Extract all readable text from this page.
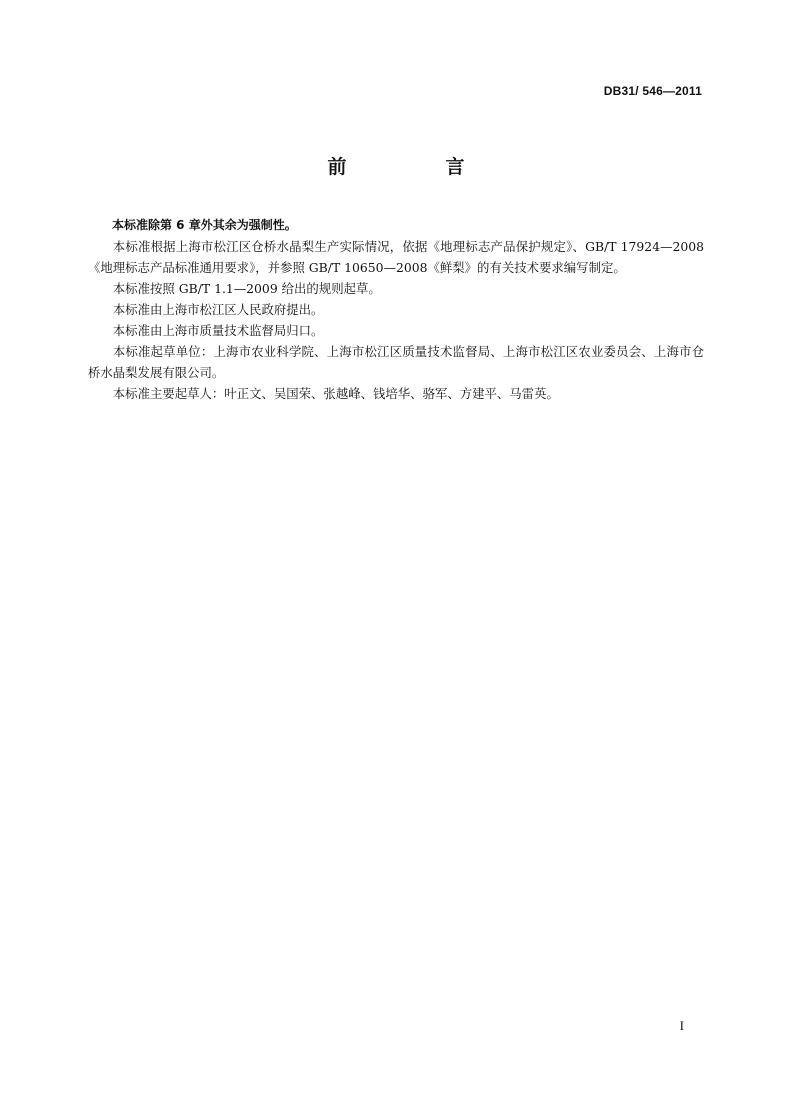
DB31/ 546—2011
前　言

本标准除第 6 章外其余为强制性。

本标准根据上海市松江区仓桥水晶梨生产实际情况，依据《地理标志产品保护规定》、GB/T 17924—2008《地理标志产品标准通用要求》，并参照 GB/T 10650—2008《鲜梨》的有关技术要求编写制定。

本标准按照 GB/T 1.1—2009 给出的规则起草。

本标准由上海市松江区人民政府提出。

本标准由上海市质量技术监督局归口。

本标准起草单位：上海市农业科学院、上海市松江区质量技术监督局、上海市松江区农业委员会、上海市仓桥水晶梨发展有限公司。

本标准主要起草人：叶正文、吴国荣、张越峰、钱培华、骆军、方建平、马雷英。

I
